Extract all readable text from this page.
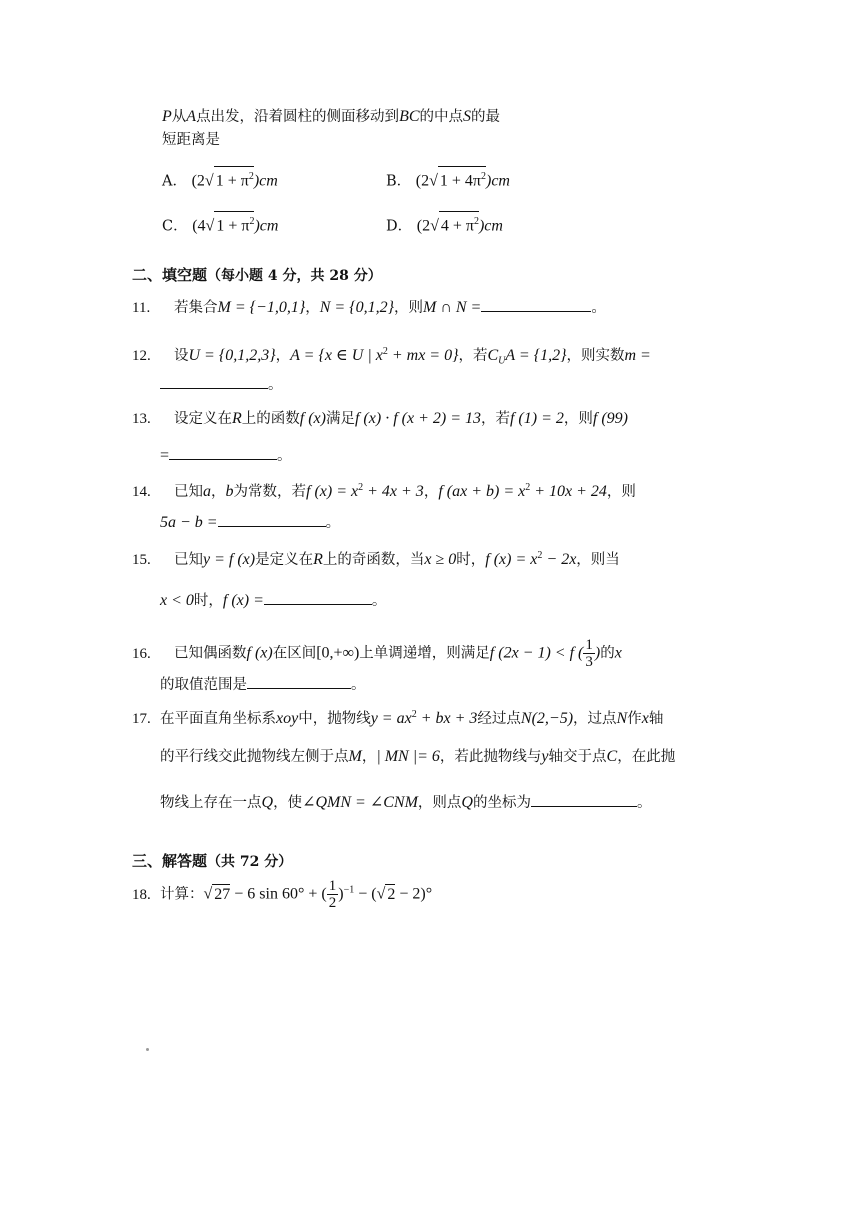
P从A点出发，沿着圆柱的侧面移动到BC的中点S的最
短距离是
A． (2√ $1 + \pi^2)cm$	B． (2√ $1 + 4\pi^2)cm$
C． (4√ $1 + \pi^2)cm$	D． (2√ $4 + \pi^2)cm$
二、填空题（每小题 4 分，共 28 分）
11. 若集合M = {−1,0,1}，N = {0,1,2}，则M ∩ N =	。
12. 设U = {0,1,2,3}，A = {x ∈ U | $x^2$ + mx = 0}，若$C_UA = \{1,2\}$，则实数m =
。
13. 设定义在R上的函数f (x)满足f (x) · f (x + 2) = 13，若f (1) = 2，则f (99)
=	。
14. 已知a，b为常数，若f $(x) = x^2 + 4x + 3$，f $(ax + b) = x^2 + 10x + 24$，则
5a − b =	。
15. 已知y = f (x)是定义在R上的奇函数，当x ≥ 0时，f $(x) = x^2 - 2x$，则当
x < 0时，f (x) =	。
16. 已知偶函数f (x)在区间[0,+∞)上单调递增，则满足f (2x − 1) < f ( $\frac{1}{3}$ )的x
的取值范围是	。
17. 在平面直角坐标系xoy中，抛物线$y = ax^2$ + bx + 3经过点N(2,−5)，过点N作x轴
的平行线交此抛物线左侧于点M，| MN |= 6，若此抛物线与y轴交于点C，在此抛
物线上存在一点Q，使∠QMN = ∠CNM，则点Q的坐标为	。
三、解答题（共 72 分）
18. 计算：√ 27 − 6 sin 60° + ( $\frac{1}{2} )^{-1}$ − (√ 2 − 2)°
